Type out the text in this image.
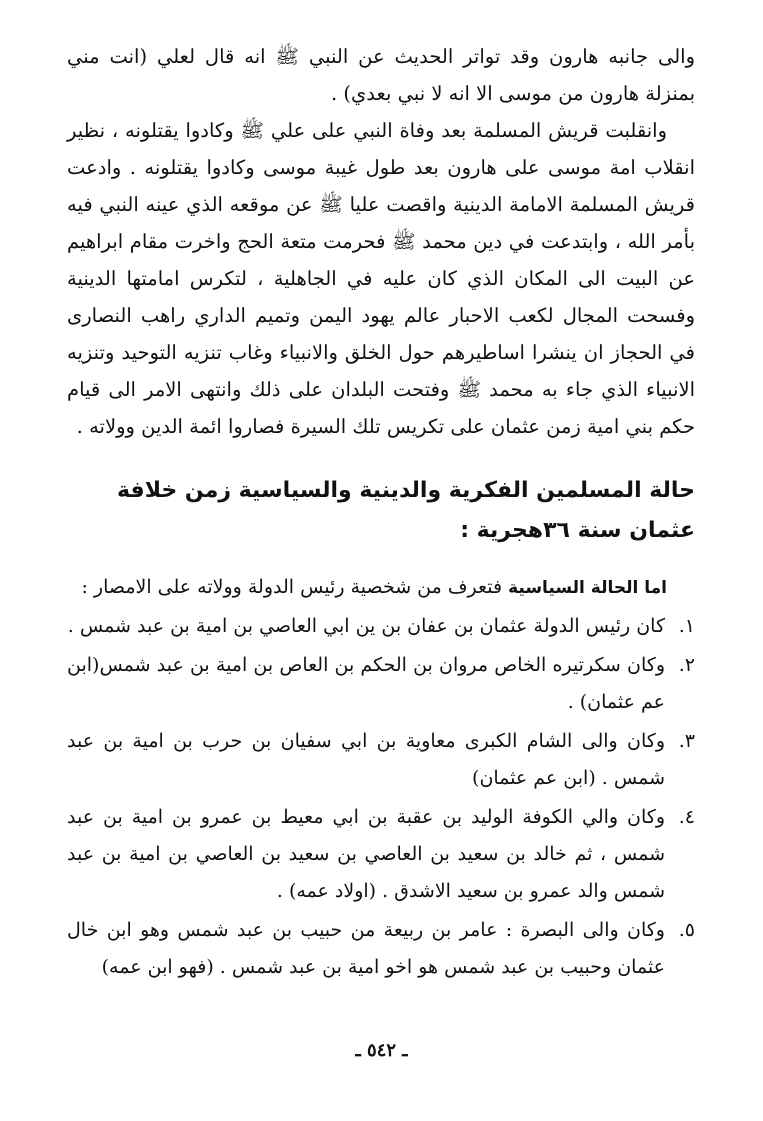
والى جانبه هارون وقد تواتر الحديث عن النبي ﷺ انه قال لعلي (انت مني بمنزلة هارون من موسى الا انه لا نبي بعدي) .

وانقلبت قريش المسلمة بعد وفاة النبي على علي ﷺ وكادوا يقتلونه ، نظير انقلاب امة موسى على هارون بعد طول غيبة موسى وكادوا يقتلونه . وادعت قريش المسلمة الامامة الدينية واقصت عليا ﷺ عن موقعه الذي عينه النبي فيه بأمر الله ، وابتدعت في دين محمد ﷺ فحرمت متعة الحج واخرت مقام ابراهيم عن البيت الى المكان الذي كان عليه في الجاهلية ، لتكرس امامتها الدينية وفسحت المجال لكعب الاحبار عالم يهود اليمن وتميم الداري راهب النصارى في الحجاز ان ينشرا اساطيرهم حول الخلق والانبياء وغاب تنزيه التوحيد وتنزيه الانبياء الذي جاء به محمد ﷺ وفتحت البلدان على ذلك وانتهى الامر الى قيام حكم بني امية زمن عثمان على تكريس تلك السيرة فصاروا ائمة الدين وولاته .

حالة المسلمين الفكرية والدينية والسياسية زمن خلافة عثمان سنة ٣٦هجرية :

اما الحالة السياسية فتعرف من شخصية رئيس الدولة وولاته على الامصار :

١.
كان رئيس الدولة عثمان بن عفان بن ين ابي العاصي بن امية بن عبد شمس .
٢.
وكان سكرتيره الخاص مروان بن الحكم بن العاص بن امية بن عبد شمس(ابن عم عثمان) .
٣.
وكان والى الشام الكبرى معاوية بن ابي سفيان بن حرب بن امية بن عبد شمس . (ابن عم عثمان)
٤.
وكان والي الكوفة الوليد بن عقبة بن ابي معيط بن عمرو بن امية بن عبد شمس ، ثم خالد بن سعيد بن العاصي بن سعيد بن العاصي بن امية بن عبد شمس والد عمرو بن سعيد الاشدق . (اولاد عمه) .
٥.
وكان والى البصرة : عامر بن ربيعة من حبيب بن عبد شمس وهو ابن خال عثمان وحبيب بن عبد شمس هو اخو امية بن عبد شمس . (فهو ابن عمه)
ـ ٥٤٢ ـ
